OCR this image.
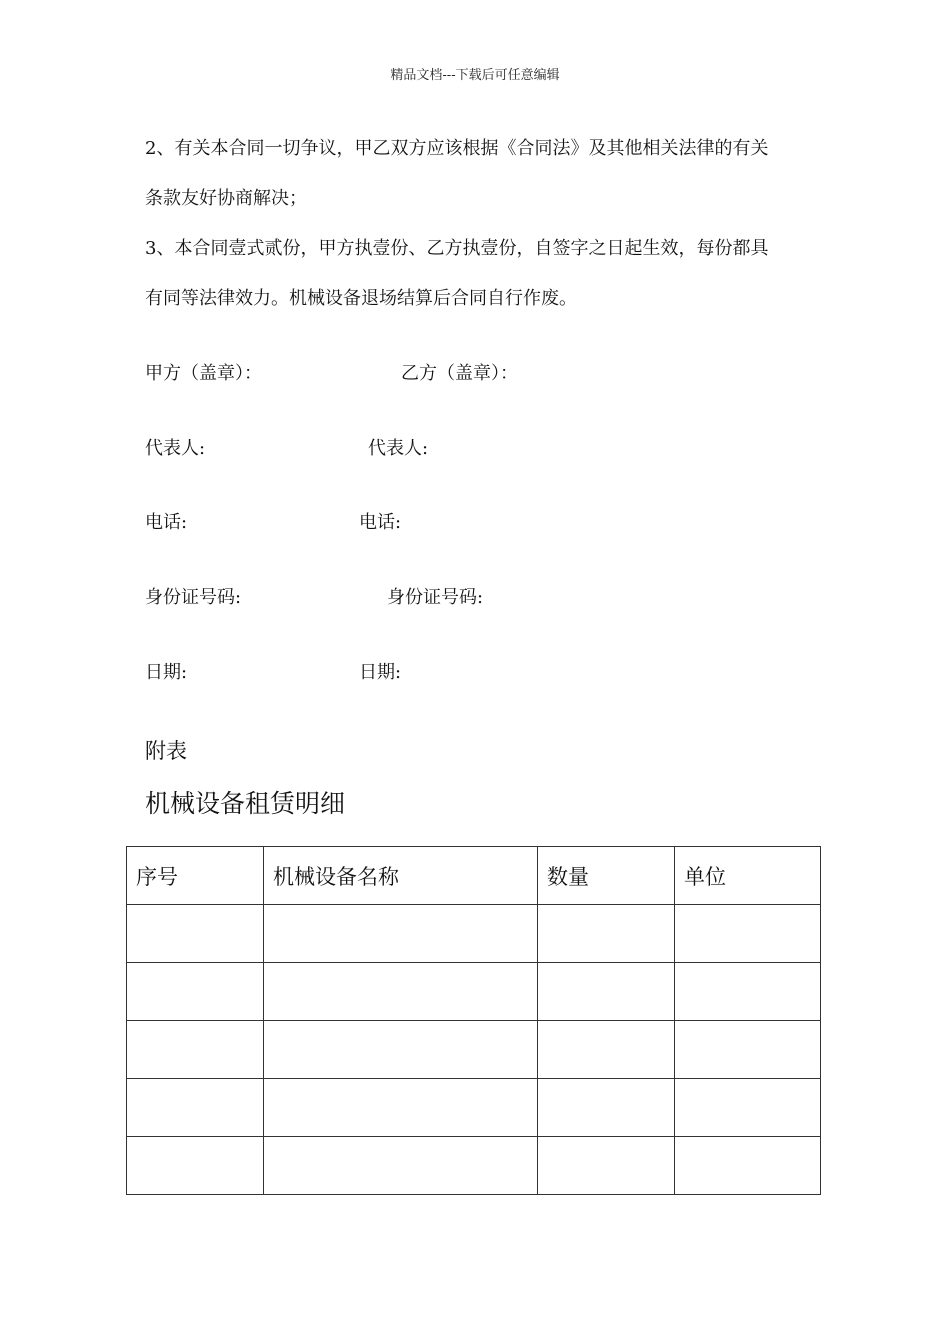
精品文档---下载后可任意编辑
2、有关本合同一切争议，甲乙双方应该根据《合同法》及其他相关法律的有关
条款友好协商解决；
3、本合同壹式贰份，甲方执壹份、乙方执壹份，自签字之日起生效，每份都具
有同等法律效力。机械设备退场结算后合同自行作废。
甲方（盖章）：	乙方（盖章）：
代表人:	代表人:
电话:	电话:
身份证号码:	身份证号码:
日期:	日期:
附表
机械设备租赁明细
序号	机械设备名称	数量	单位
